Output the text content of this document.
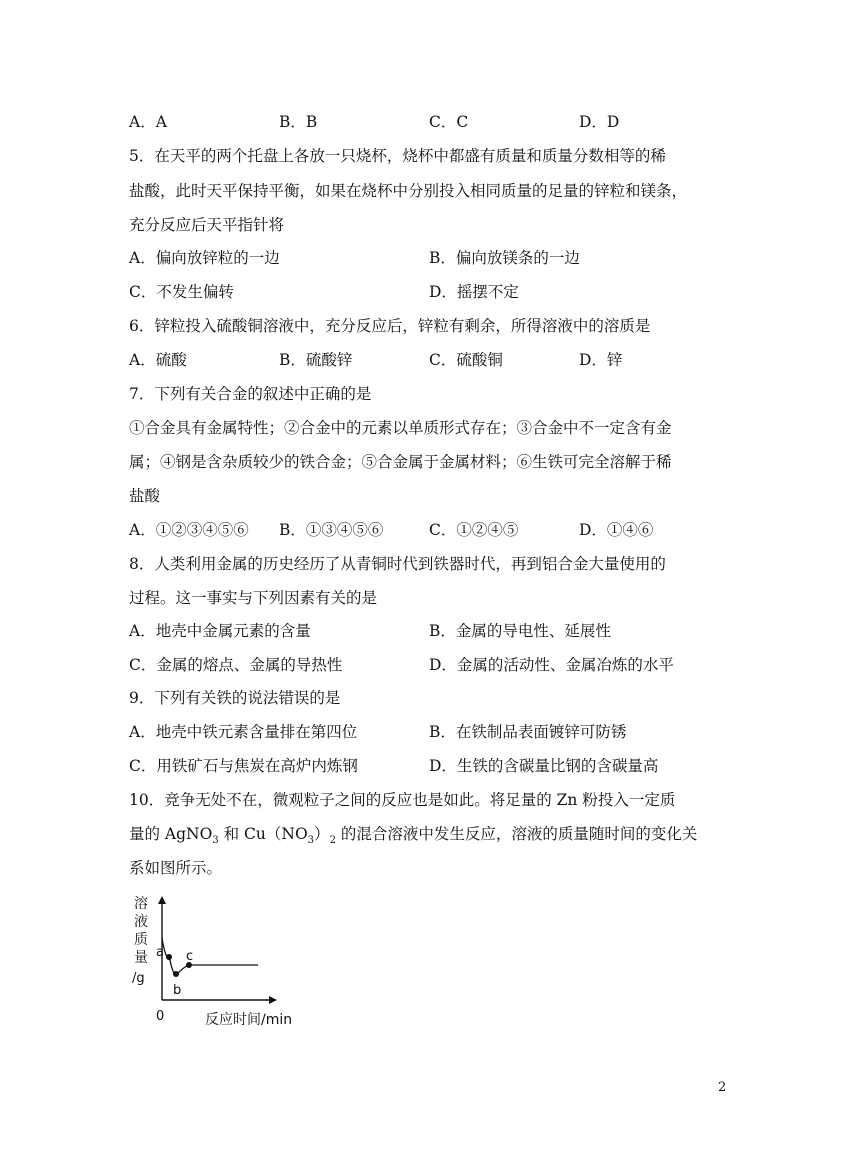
A．A	B．B	C．C	D．D
5．在天平的两个托盘上各放一只烧杯，烧杯中都盛有质量和质量分数相等的稀
盐酸，此时天平保持平衡，如果在烧杯中分别投入相同质量的足量的锌粒和镁条，
充分反应后天平指针将
A．偏向放锌粒的一边	B．偏向放镁条的一边
C．不发生偏转	D．摇摆不定
6．锌粒投入硫酸铜溶液中，充分反应后，锌粒有剩余，所得溶液中的溶质是
A．硫酸	B．硫酸锌	C．硫酸铜	D．锌
7．下列有关合金的叙述中正确的是
①合金具有金属特性；②合金中的元素以单质形式存在；③合金中不一定含有金
属；④钢是含杂质较少的铁合金；⑤合金属于金属材料；⑥生铁可完全溶解于稀
盐酸
A．①②③④⑤⑥ B．①③④⑤⑥	C．①②④⑤	D．①④⑥
8．人类利用金属的历史经历了从青铜时代到铁器时代，再到铝合金大量使用的
过程。这一事实与下列因素有关的是
A．地壳中金属元素的含量	B．金属的导电性、延展性
C．金属的熔点、金属的导热性	D．金属的活动性、金属冶炼的水平
9．下列有关铁的说法错误的是
A．地壳中铁元素含量排在第四位	B．在铁制品表面镀锌可防锈
C．用铁矿石与焦炭在高炉内炼钢	D．生铁的含碳量比钢的含碳量高
10．竞争无处不在，微观粒子之间的反应也是如此。将足量的 Zn 粉投入一定质
量的 AgNO$_3$ 和 $Cu(NO_3)_2$ 的混合溶液中发生反应，溶液的质量随时间的变化关
系如图所示。
a
b
c
溶
液
质
量
/g
0	反应时间/min
2
